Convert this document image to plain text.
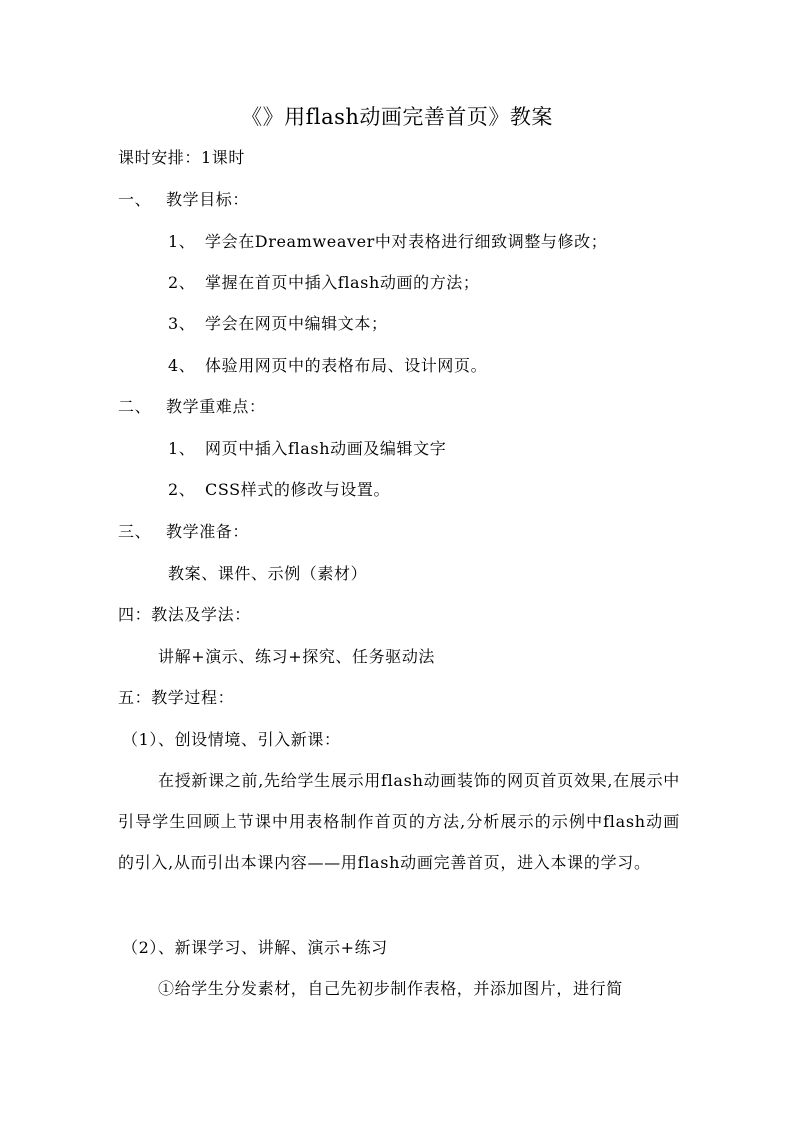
《》用flash动画完善首页》教案
课时安排：1课时
一、 教学目标：
1、 学会在Dreamweaver中对表格进行细致调整与修改；
2、 掌握在首页中插入flash动画的方法；
3、 学会在网页中编辑文本；
4、 体验用网页中的表格布局、设计网页。
二、 教学重难点：
1、 网页中插入flash动画及编辑文字
2、 CSS样式的修改与设置。
三、 教学准备：
教案、课件、示例（素材）
四：教法及学法：
讲解+演示、练习+探究、任务驱动法
五：教学过程：
（1）、创设情境、引入新课：
在授新课之前,先给学生展示用flash动画装饰的网页首页效果,在展示中引导学生回顾上节课中用表格制作首页的方法,分析展示的示例中flash动画的引入,从而引出本课内容——用flash动画完善首页，进入本课的学习。
（2）、新课学习、讲解、演示+练习
①给学生分发素材，自己先初步制作表格，并添加图片，进行简
